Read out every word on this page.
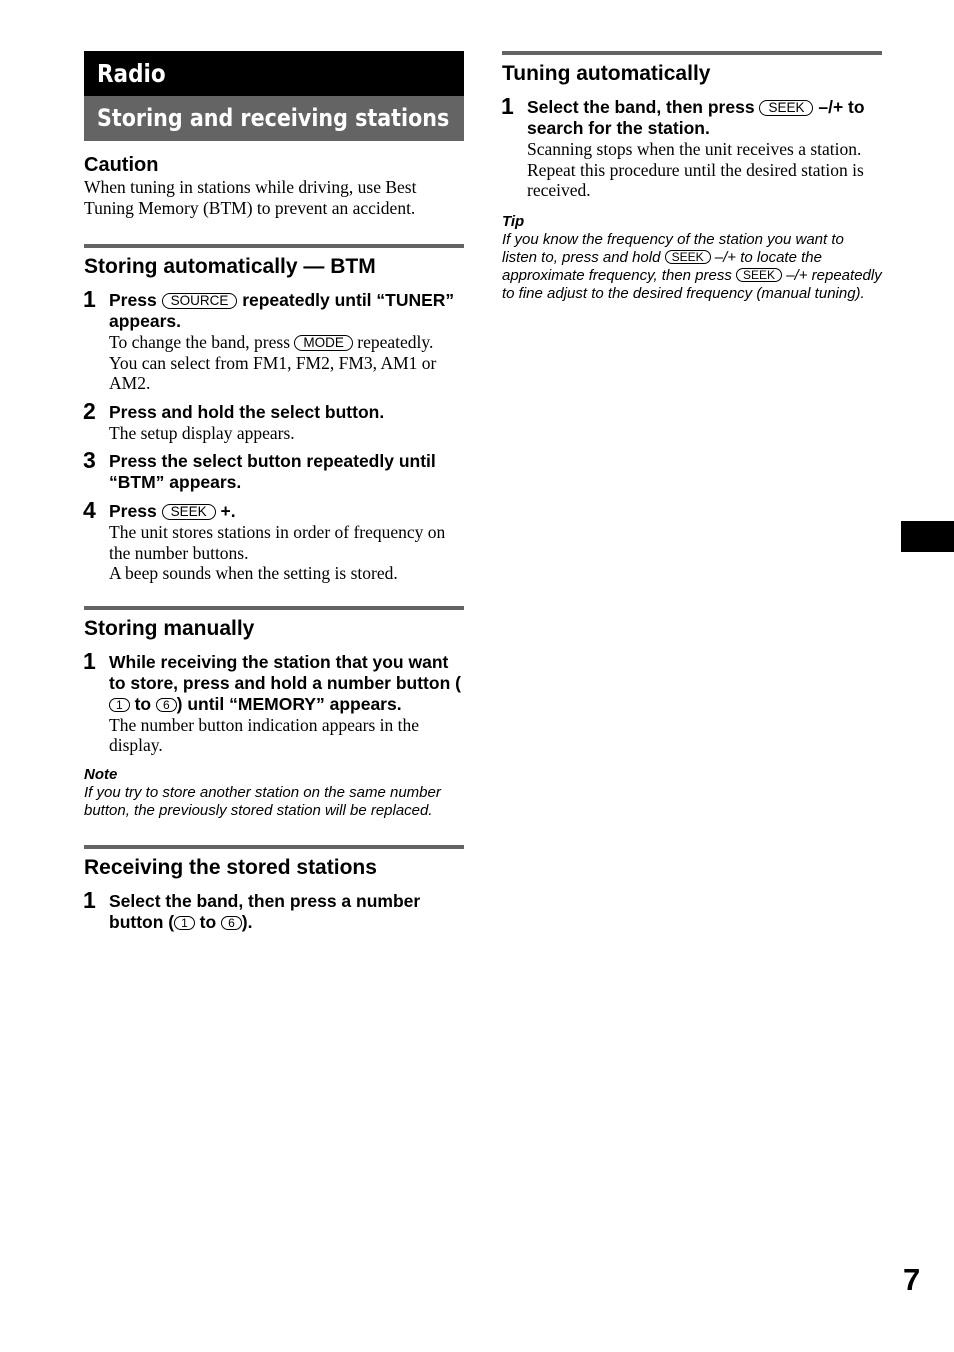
Radio
Storing and receiving stations
Caution
When tuning in stations while driving, use Best Tuning Memory (BTM) to prevent an accident.
Storing automatically — BTM
1 Press SOURCE repeatedly until “TUNER” appears.
To change the band, press MODE repeatedly. You can select from FM1, FM2, FM3, AM1 or AM2.
2 Press and hold the select button.
The setup display appears.
3 Press the select button repeatedly until “BTM” appears.
4 Press SEEK +.
The unit stores stations in order of frequency on the number buttons.
A beep sounds when the setting is stored.
Storing manually
1 While receiving the station that you want to store, press and hold a number button (1 to 6 ) until “MEMORY” appears.
The number button indication appears in the display.
Note
If you try to store another station on the same number button, the previously stored station will be replaced.
Receiving the stored stations
1 Select the band, then press a number button ( 1 to 6 ).
Tuning automatically
1 Select the band, then press SEEK –/+ to search for the station.
Scanning stops when the unit receives a station. Repeat this procedure until the desired station is received.
Tip
If you know the frequency of the station you want to listen to, press and hold SEEK –/+ to locate the approximate frequency, then press SEEK –/+ repeatedly to fine adjust to the desired frequency (manual tuning).
7
